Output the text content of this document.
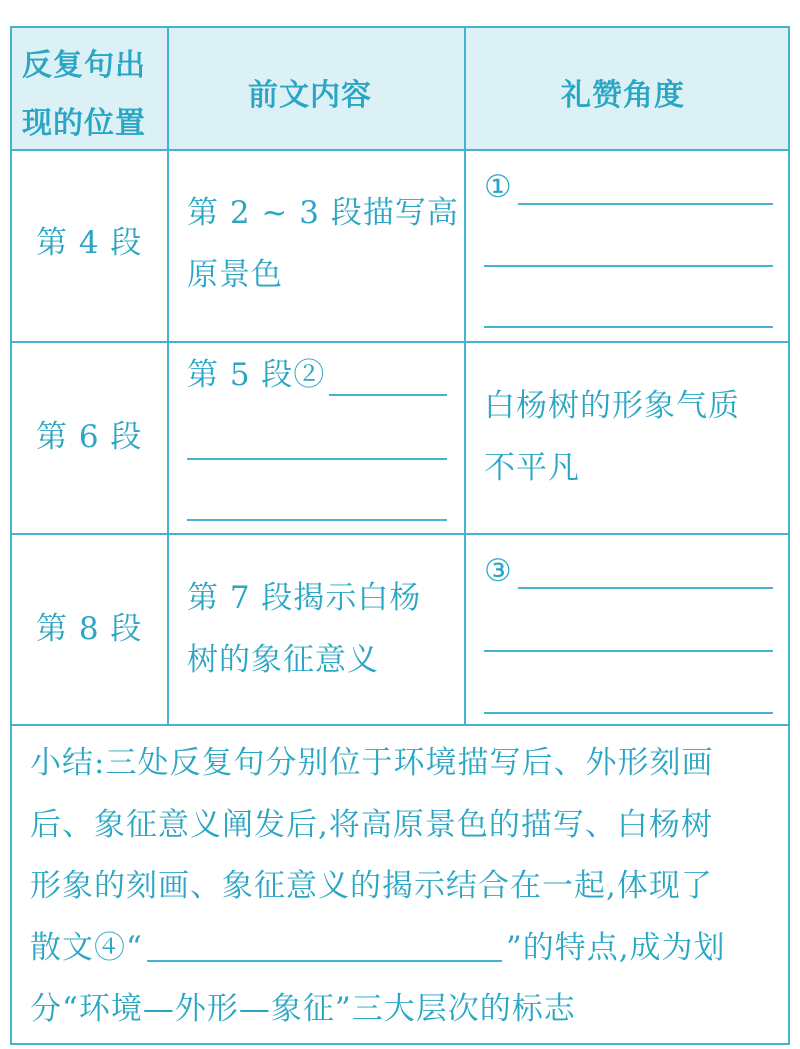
反复句出
现的位置
前文内容	礼赞角度
第 4 段
第 2 ~ 3 段描写高
原景色
①
第 6 段
第 5 段②
白杨树的形象气质
不平凡
第 8 段
第 7 段揭示白杨
树的象征意义
③
小结:三处反复句分别位于环境描写后、外形刻画
后、象征意义阐发后,将高原景色的描写、白杨树
形象的刻画、象征意义的揭示结合在一起,体现了
散文④“	”的特点,成为划
分“环境—外形—象征”三大层次的标志
